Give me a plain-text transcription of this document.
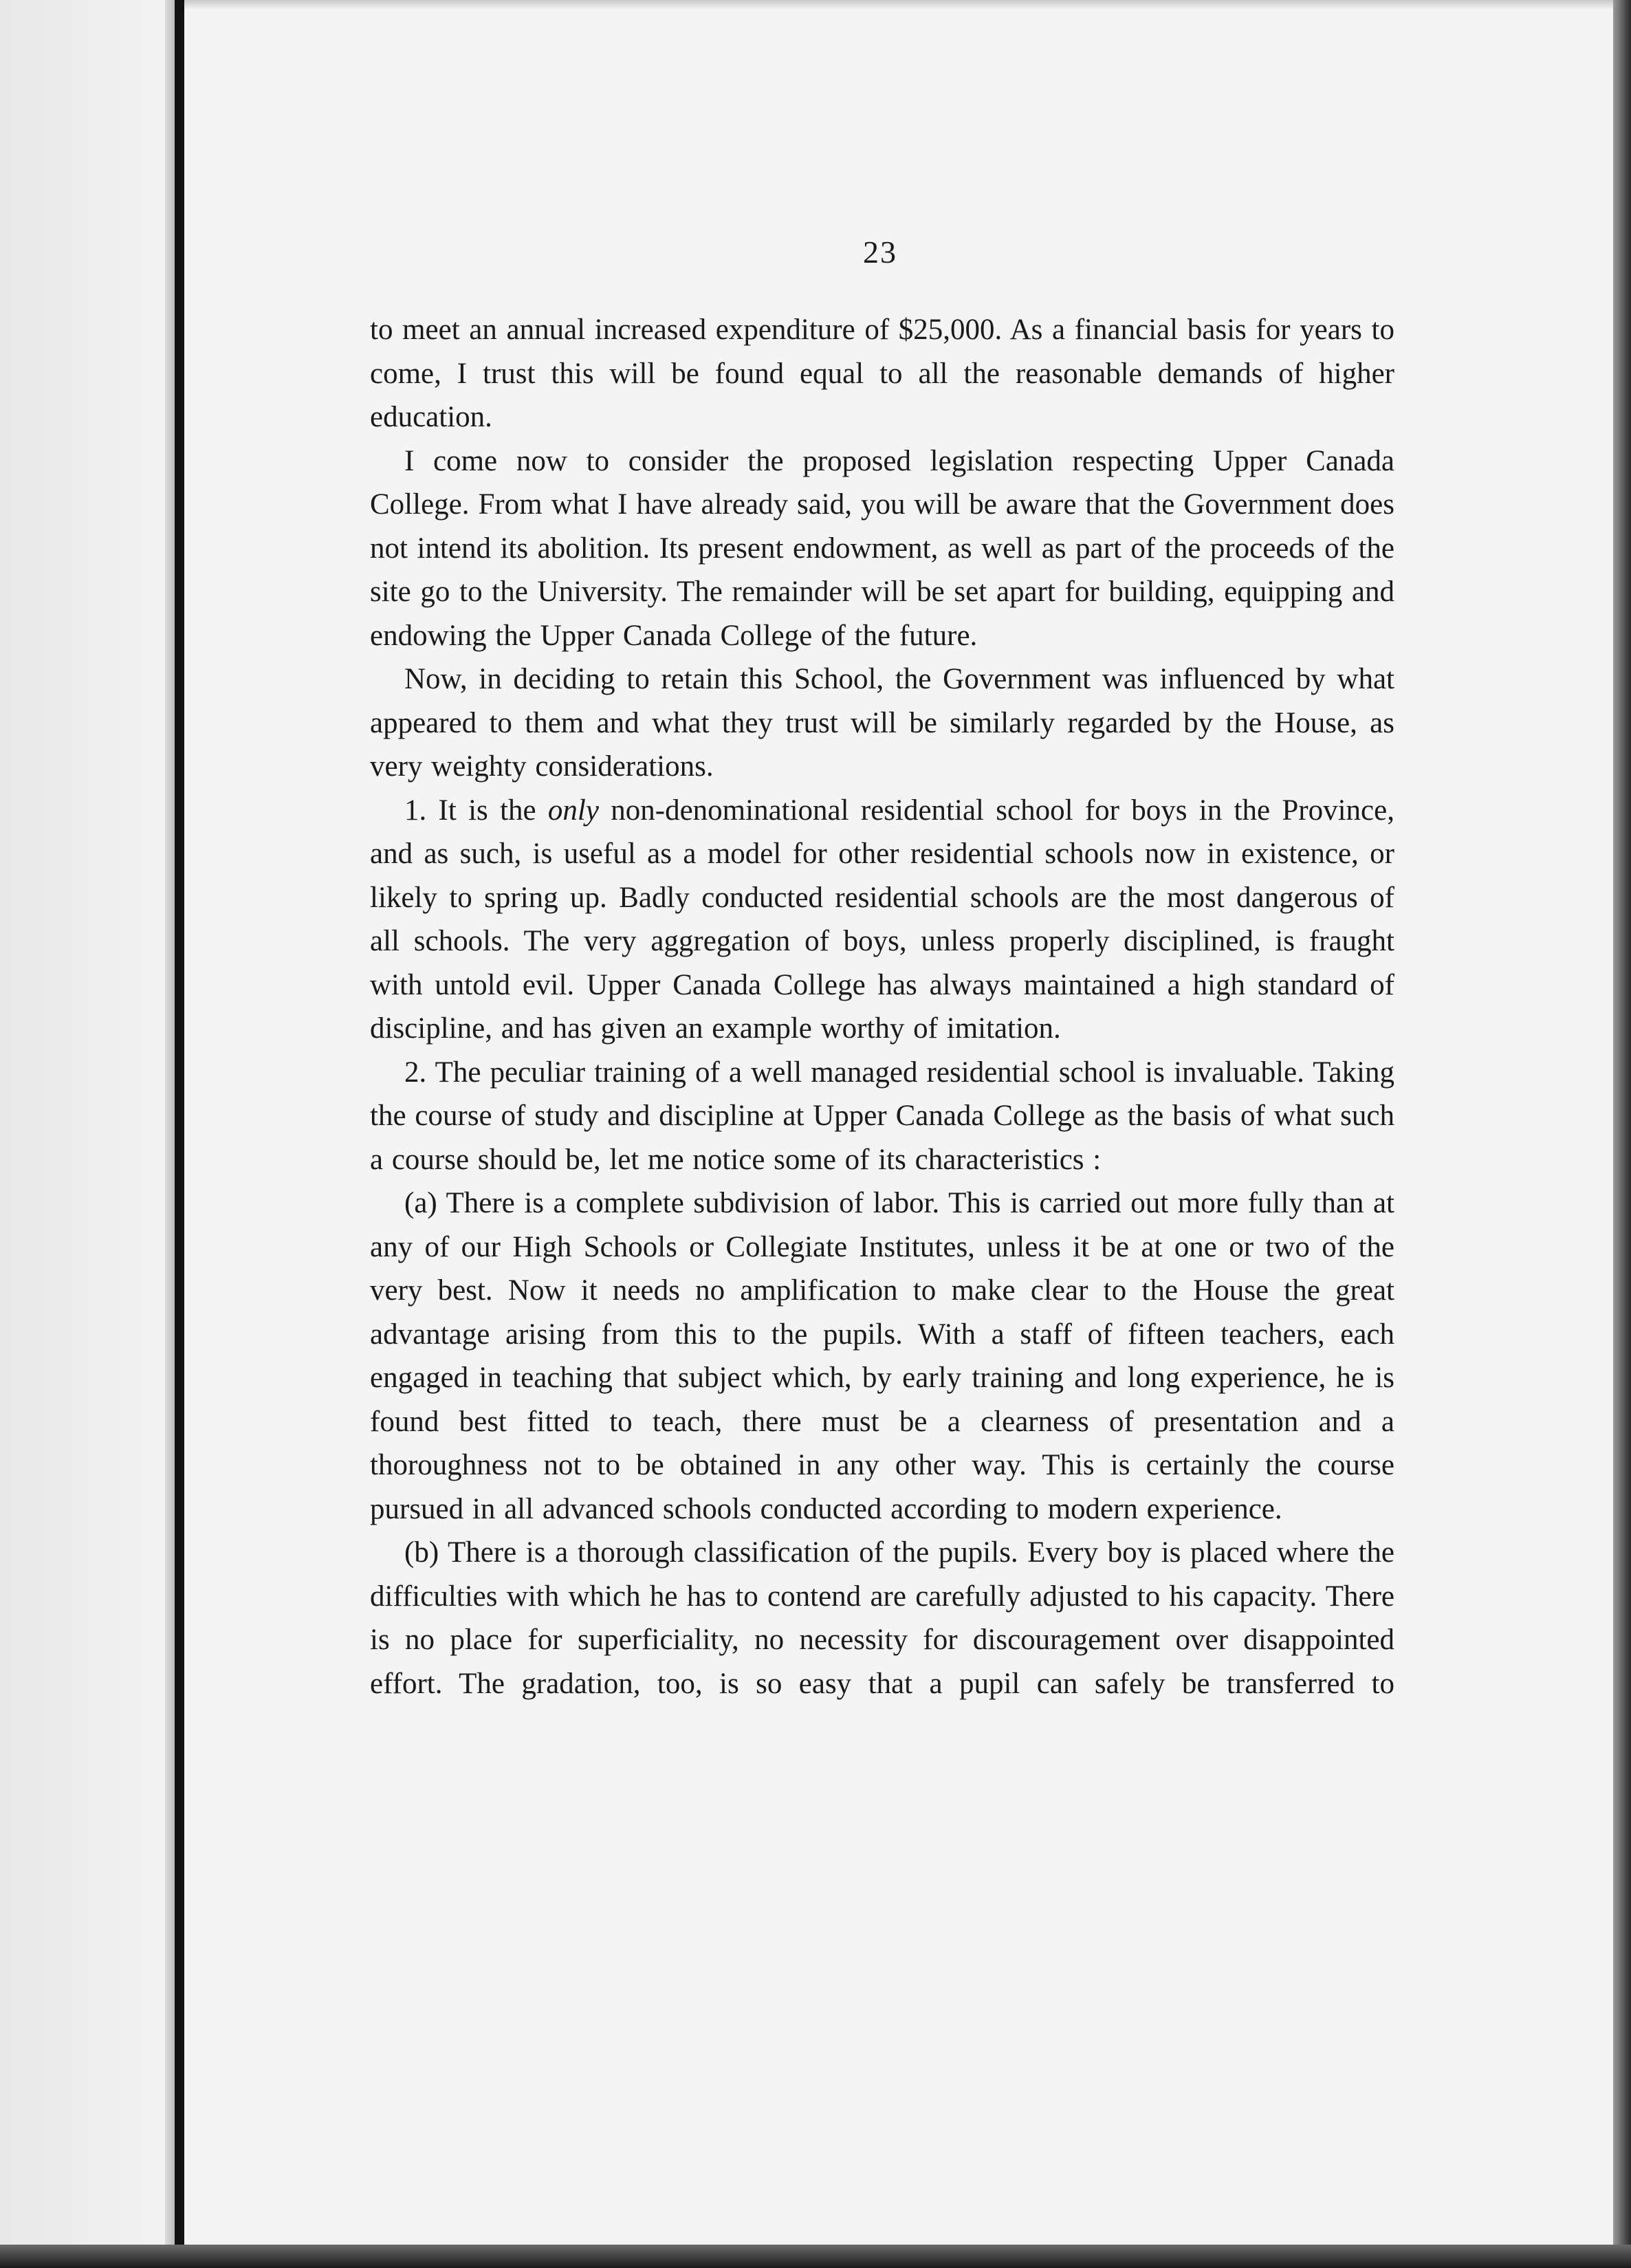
23

to meet an annual increased expenditure of $25,000. As a financial basis for years to come, I trust this will be found equal to all the reasonable demands of higher education.

I come now to consider the proposed legislation respecting Upper Canada College. From what I have already said, you will be aware that the Government does not intend its abolition. Its present endowment, as well as part of the proceeds of the site go to the University. The remainder will be set apart for building, equipping and endowing the Upper Canada College of the future.

Now, in deciding to retain this School, the Government was influenced by what appeared to them and what they trust will be similarly regarded by the House, as very weighty considerations.

1. It is the only non-denominational residential school for boys in the Province, and as such, is useful as a model for other residential schools now in existence, or likely to spring up. Badly conducted residential schools are the most dangerous of all schools. The very aggregation of boys, unless properly disciplined, is fraught with untold evil. Upper Canada College has always maintained a high standard of discipline, and has given an example worthy of imitation.

2. The peculiar training of a well managed residential school is invaluable. Taking the course of study and discipline at Upper Canada College as the basis of what such a course should be, let me notice some of its characteristics :

(a) There is a complete subdivision of labor. This is carried out more fully than at any of our High Schools or Collegiate Institutes, unless it be at one or two of the very best. Now it needs no amplification to make clear to the House the great advantage arising from this to the pupils. With a staff of fifteen teachers, each engaged in teaching that subject which, by early training and long experience, he is found best fitted to teach, there must be a clearness of presentation and a thoroughness not to be obtained in any other way. This is certainly the course pursued in all advanced schools conducted according to modern experience.

(b) There is a thorough classification of the pupils. Every boy is placed where the difficulties with which he has to contend are carefully adjusted to his capacity. There is no place for superficiality, no necessity for discouragement over disappointed effort. The gradation, too, is so easy that a pupil can safely be transferred to
